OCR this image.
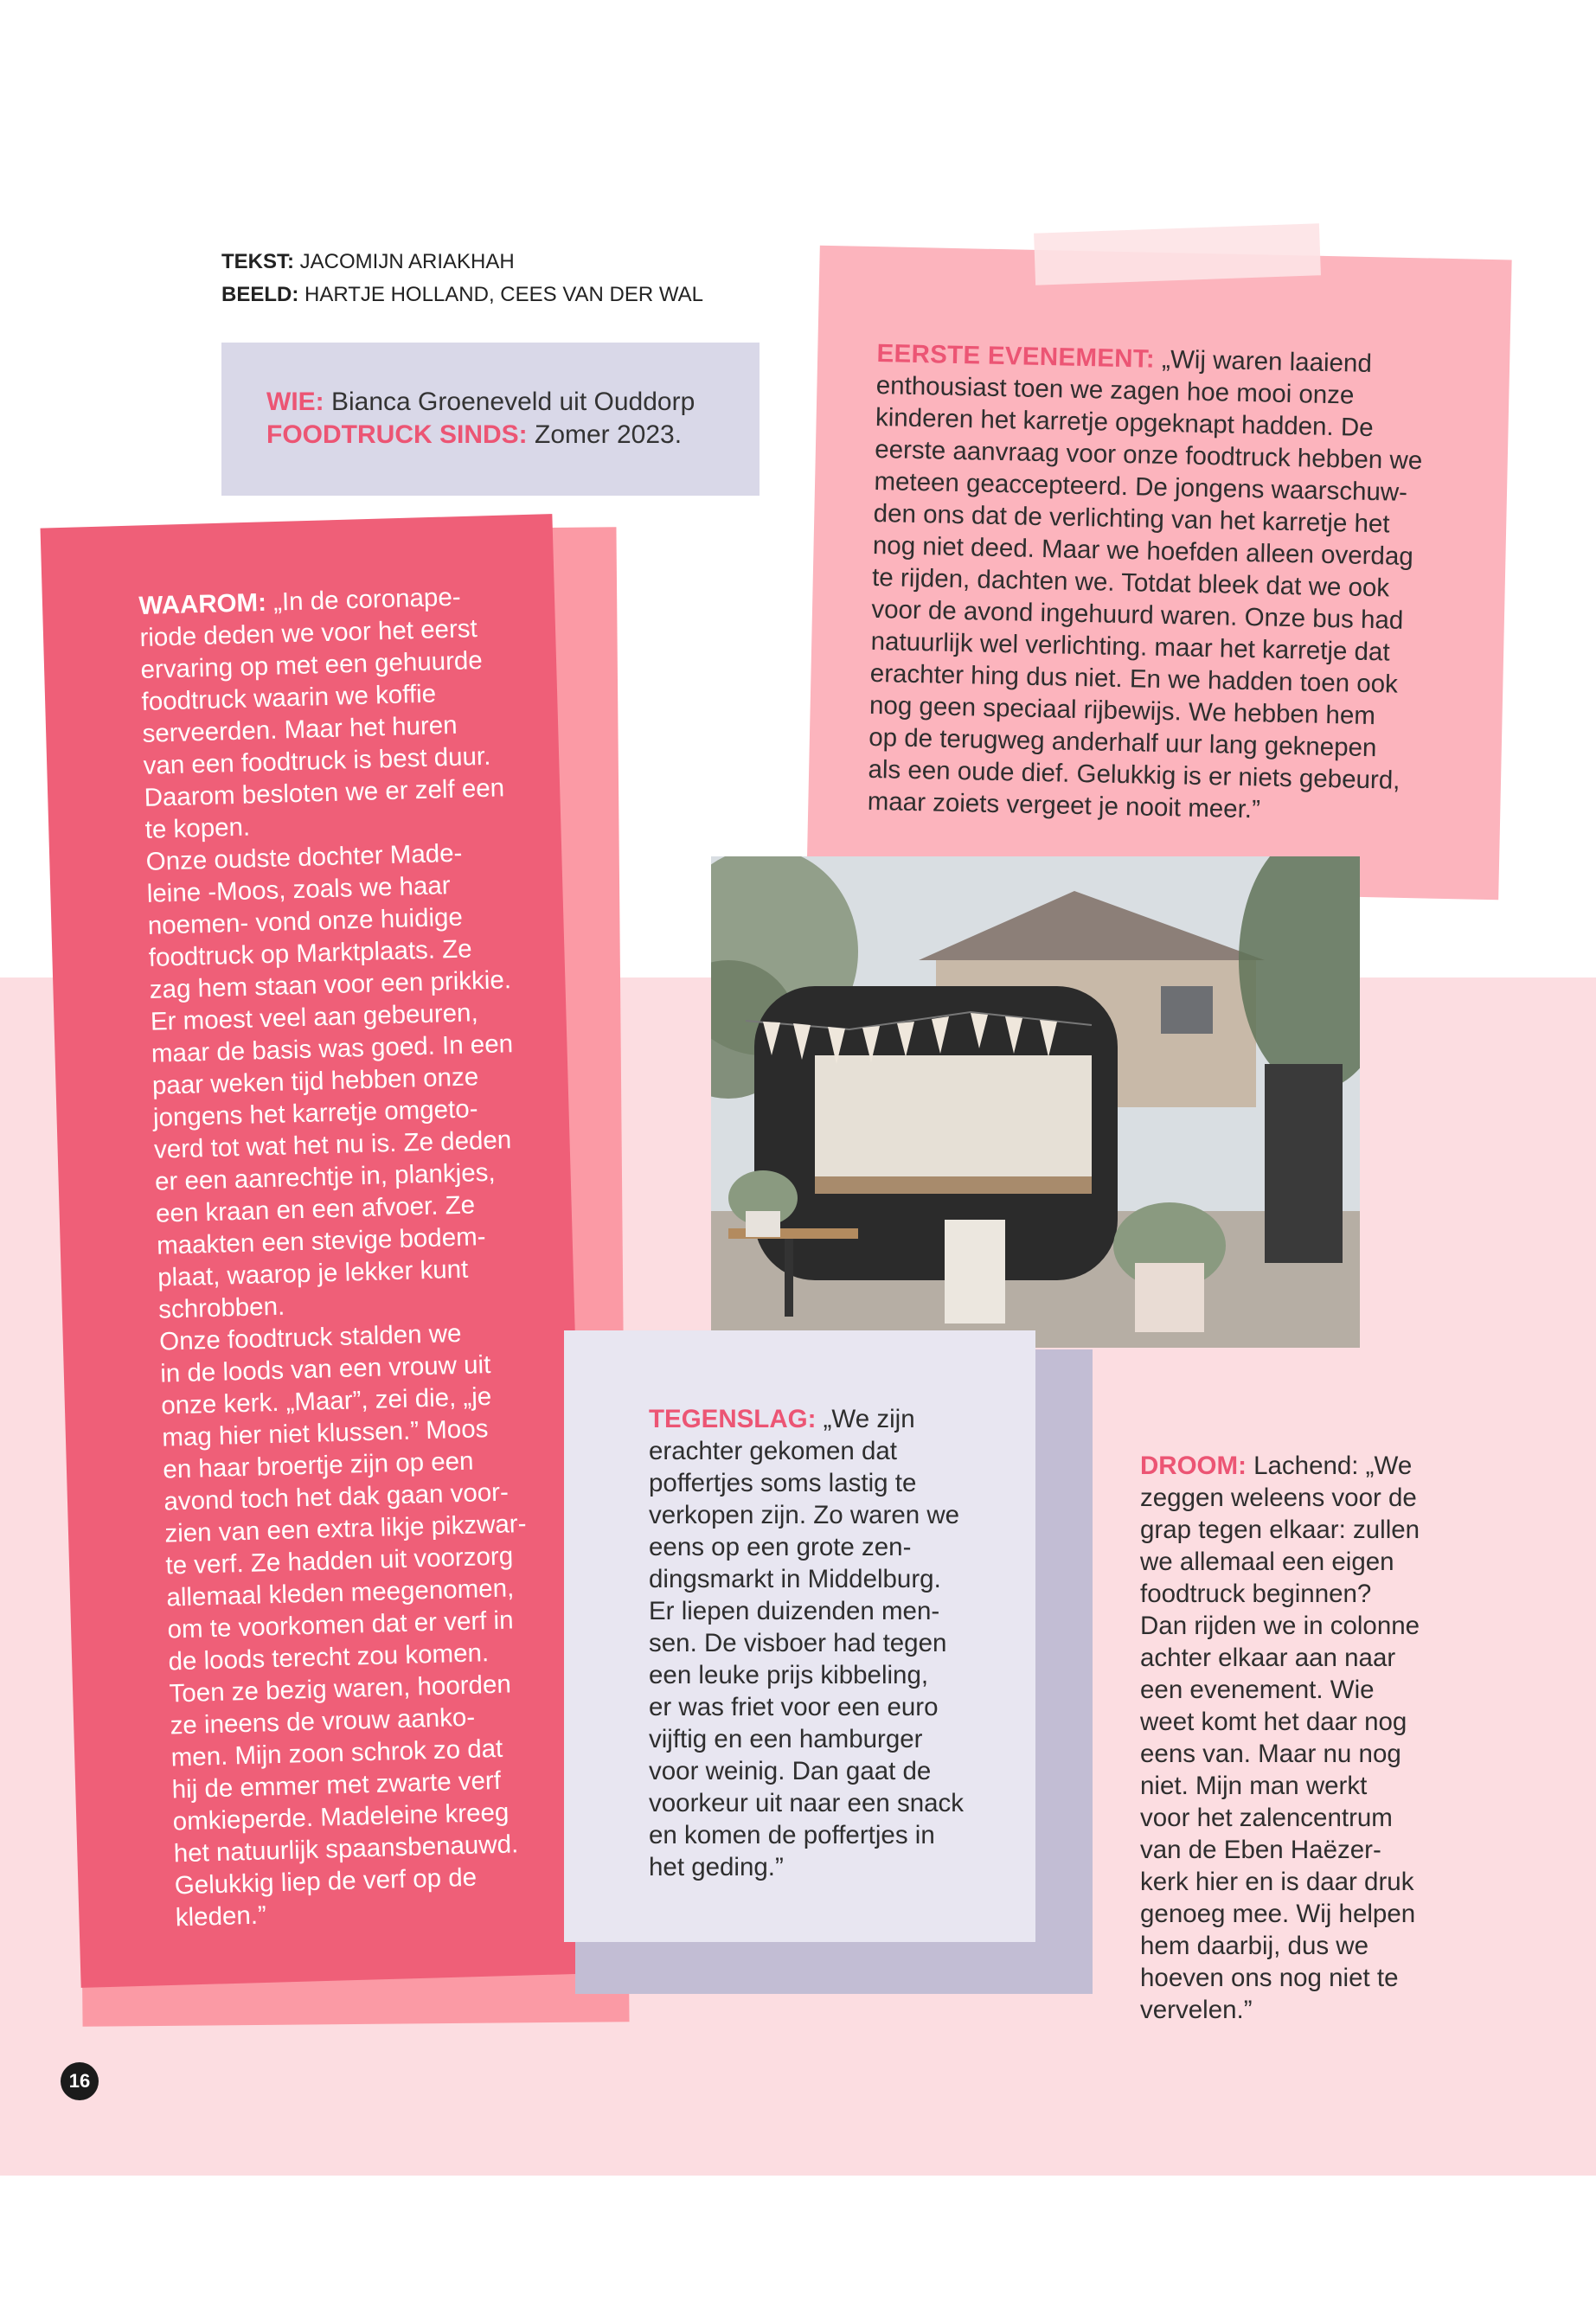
TEKST: JACOMIJN ARIAKHAH
BEELD: HARTJE HOLLAND, CEES VAN DER WAL

WIE: Bianca Groeneveld uit Ouddorp
FOODTRUCK SINDS: Zomer 2023.

EERSTE EVENEMENT: „Wij waren laaiend
enthousiast toen we zagen hoe mooi onze
kinderen het karretje opgeknapt hadden. De
eerste aanvraag voor onze foodtruck hebben we
meteen geaccepteerd. De jongens waarschuw-
den ons dat de verlichting van het karretje het
nog niet deed. Maar we hoefden alleen overdag
te rijden, dachten we. Totdat bleek dat we ook
voor de avond ingehuurd waren. Onze bus had
natuurlijk wel verlichting. maar het karretje dat
erachter hing dus niet. En we hadden toen ook
nog geen speciaal rijbewijs. We hebben hem
op de terugweg anderhalf uur lang geknepen
als een oude dief. Gelukkig is er niets gebeurd,
maar zoiets vergeet je nooit meer.”

WAAROM: „In de coronape-
riode deden we voor het eerst
ervaring op met een gehuurde
foodtruck waarin we koffie
serveerden. Maar het huren
van een foodtruck is best duur.
Daarom besloten we er zelf een
te kopen.
Onze oudste dochter Made-
leine -Moos, zoals we haar
noemen- vond onze huidige
foodtruck op Marktplaats. Ze
zag hem staan voor een prikkie.
Er moest veel aan gebeuren,
maar de basis was goed. In een
paar weken tijd hebben onze
jongens het karretje omgeto-
verd tot wat het nu is. Ze deden
er een aanrechtje in, plankjes,
een kraan en een afvoer. Ze
maakten een stevige bodem-
plaat, waarop je lekker kunt
schrobben.
Onze foodtruck stalden we
in de loods van een vrouw uit
onze kerk. „Maar”, zei die, „je
mag hier niet klussen.” Moos
en haar broertje zijn op een
avond toch het dak gaan voor-
zien van een extra likje pikzwar-
te verf. Ze hadden uit voorzorg
allemaal kleden meegenomen,
om te voorkomen dat er verf in
de loods terecht zou komen.
Toen ze bezig waren, hoorden
ze ineens de vrouw aanko-
men. Mijn zoon schrok zo dat
hij de emmer met zwarte verf
omkieperde. Madeleine kreeg
het natuurlijk spaansbenauwd.
Gelukkig liep de verf op de
kleden.”

TEGENSLAG: „We zijn
erachter gekomen dat
poffertjes soms lastig te
verkopen zijn. Zo waren we
eens op een grote zen-
dingsmarkt in Middelburg.
Er liepen duizenden men-
sen. De visboer had tegen
een leuke prijs kibbeling,
er was friet voor een euro
vijftig en een hamburger
voor weinig. Dan gaat de
voorkeur uit naar een snack
en komen de poffertjes in
het geding.”

DROOM: Lachend: „We
zeggen weleens voor de
grap tegen elkaar: zullen
we allemaal een eigen
foodtruck beginnen?
Dan rijden we in colonne
achter elkaar aan naar
een evenement. Wie
weet komt het daar nog
eens van. Maar nu nog
niet. Mijn man werkt
voor het zalencentrum
van de Eben Haëzer-
kerk hier en is daar druk
genoeg mee. Wij helpen
hem daarbij, dus we
hoeven ons nog niet te
vervelen.”

16
